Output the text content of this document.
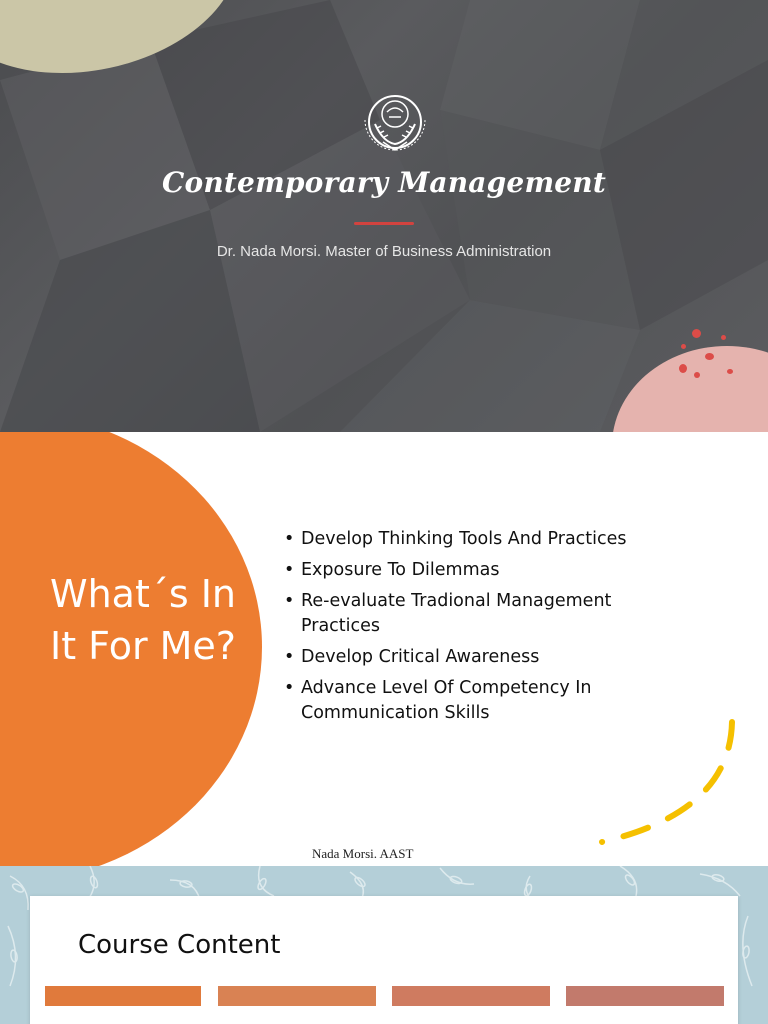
Contemporary Management
Dr. Nada Morsi. Master of Business Administration
What´s In It For Me?
• Develop Thinking Tools And Practices
• Exposure To Dilemmas
• Re-evaluate Tradional Management Practices
• Develop Critical Awareness
• Advance Level Of Competency In Communication Skills
Nada Morsi. AAST
Course Content
